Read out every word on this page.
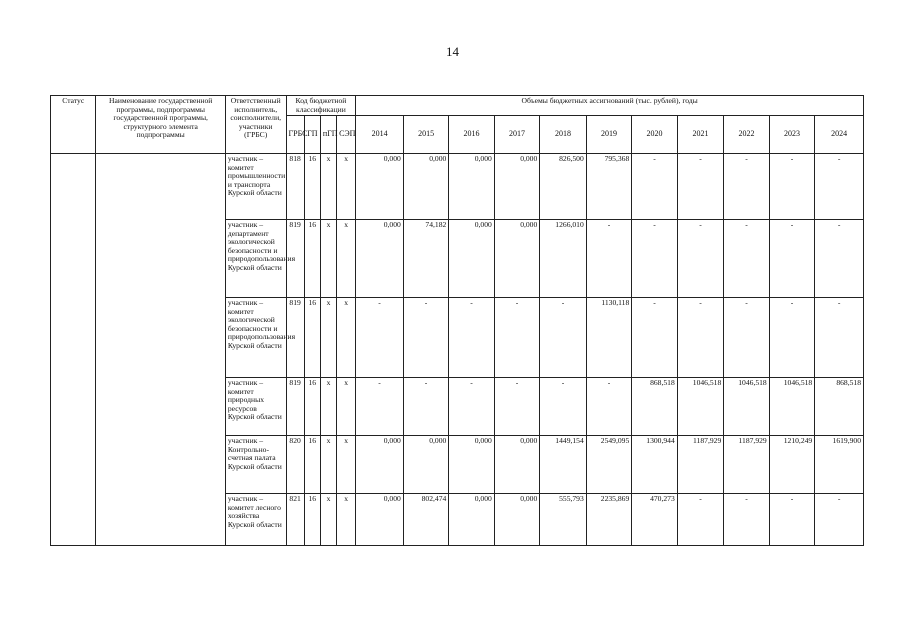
14
Статус	Наименование государственной программы, подпрограммы государственной программы, структурного элемента подпрограммы	Ответственный исполнитель, соисполнители, участники (ГРБС)	Код бюджетной классификации				Объемы бюджетных ассигнований (тыс. рублей), годы										
			ГРБС	ГП	пГП	СЭП	2014	2015	2016	2017	2018	2019	2020	2021	2022	2023	2024
		участник – комитет промышленности и транспорта Курской области	818	16	х	х	0,000	0,000	0,000	0,000	826,500	795,368	-	-	-	-	-
		участник – департамент экологической безопасности и природопользования Курской области	819	16	х	х	0,000	74,182	0,000	0,000	1266,010	-	-	-	-	-	-
		участник – комитет экологической безопасности и природопользования Курской области	819	16	х	х	-	-	-	-	-	1130,118	-	-	-	-	-
		участник – комитет природных ресурсов Курской области	819	16	х	х	-	-	-	-	-	-	868,518	1046,518	1046,518	1046,518	868,518
		участник – Контрольно-счетная палата Курской области	820	16	х	х	0,000	0,000	0,000	0,000	1449,154	2549,095	1300,944	1187,929	1187,929	1210,249	1619,900
		участник – комитет лесного хозяйства Курской области	821	16	х	х	0,000	802,474	0,000	0,000	555,793	2235,869	470,273	-	-	-	-
